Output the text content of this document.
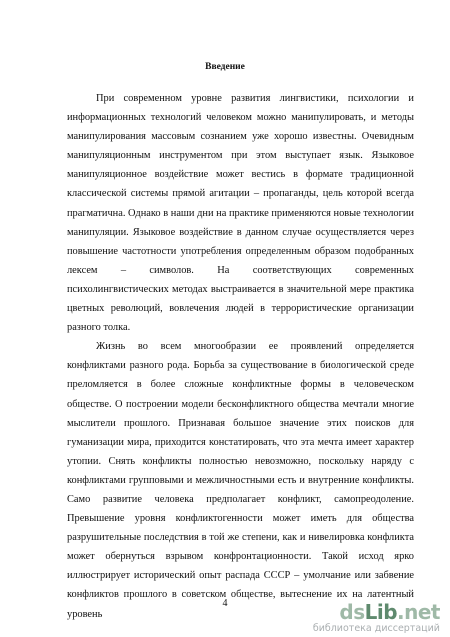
Введение

При современном уровне развития лингвистики, психологии и информационных технологий человеком можно манипулировать, и методы манипулирования массовым сознанием уже хорошо известны. Очевидным манипуляционным инструментом при этом выступает язык. Языковое манипуляционное воздействие может вестись в формате традиционной классической системы прямой агитации – пропаганды, цель которой всегда прагматична. Однако в наши дни на практике применяются новые технологии манипуляции. Языковое воздействие в данном случае осуществляется через повышение частотности употребления определенным образом подобранных лексем – символов. На соответствующих современных психолингвистических методах выстраивается в значительной мере практика цветных революций, вовлечения людей в террористические организации разного толка.

Жизнь во всем многообразии ее проявлений определяется конфликтами разного рода. Борьба за существование в биологической среде преломляется в более сложные конфликтные формы в человеческом обществе. О построении модели бесконфликтного общества мечтали многие мыслители прошлого. Признавая большое значение этих поисков для гуманизации мира, приходится констатировать, что эта мечта имеет характер утопии. Снять конфликты полностью невозможно, поскольку наряду с конфликтами групповыми и межличностными есть и внутренние конфликты. Само развитие человека предполагает конфликт, самопреодоление. Превышение уровня конфликтогенности может иметь для общества разрушительные последствия в той же степени, как и нивелировка конфликта может обернуться взрывом конфронтационности. Такой исход ярко иллюстрирует исторический опыт распада СССР – умолчание или забвение конфликтов прошлого в советском обществе, вытеснение их на латентный уровень

4	dsLib.net
библиотека диссертаций
